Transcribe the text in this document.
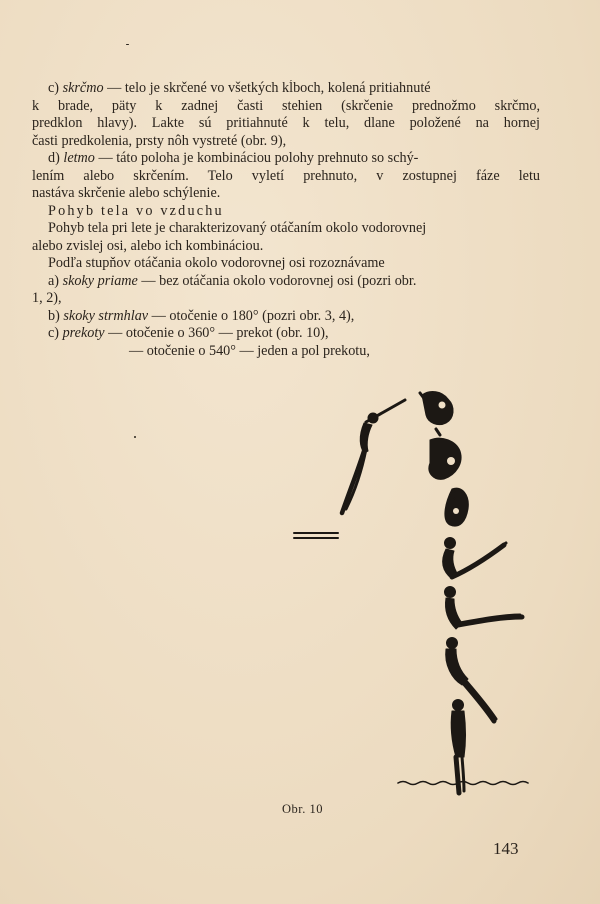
c) skrčmo — telo je skrčené vo všetkých kĺboch, kolená pritiahnuté
k brade, päty k zadnej časti stehien (skrčenie prednožmo skrčmo,
predklon hlavy). Lakte sú pritiahnuté k telu, dlane položené na hornej
časti predkolenia, prsty nôh vystreté (obr. 9),
d) letmo — táto poloha je kombináciou polohy prehnuto so schý-
lením alebo skrčením. Telo vyletí prehnuto, v zostupnej fáze letu
nastáva skrčenie alebo schýlenie.
Pohyb tela vo vzduchu
Pohyb tela pri lete je charakterizovaný otáčaním okolo vodorovnej
alebo zvislej osi, alebo ich kombináciou.
Podľa stupňov otáčania okolo vodorovnej osi rozoznávame
a) skoky priame — bez otáčania okolo vodorovnej osi (pozri obr.
1, 2),
b) skoky strmhlav — otočenie o 180° (pozri obr. 3, 4),
c) prekoty — otočenie o 360° — prekot (obr. 10),
— otočenie o 540° — jeden a pol prekotu,
Obr. 10
143
